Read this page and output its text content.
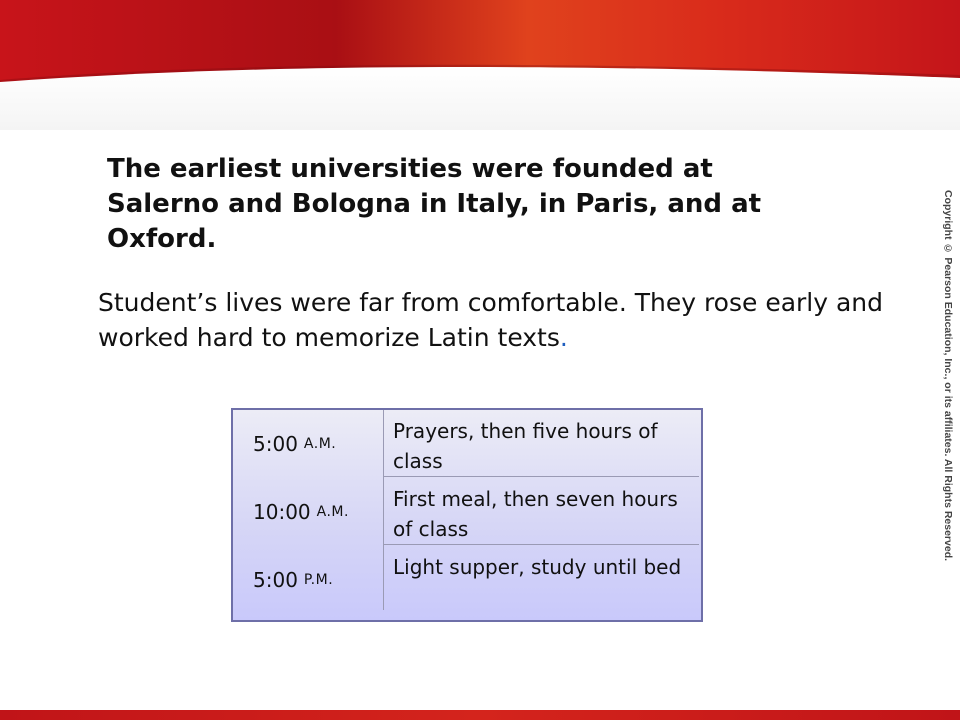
The earliest universities were founded at Salerno and Bologna in Italy, in Paris, and at Oxford.

Student’s lives were far from comfortable. They rose early and worked hard to memorize Latin texts.	Copyright © Pearson Education, Inc., or its affiliates. All Rights Reserved.
5:00 A.M.
Prayers, then five hours of class
10:00 A.M.
First meal, then seven hours of class
5:00 P.M.
Light supper, study until bed
